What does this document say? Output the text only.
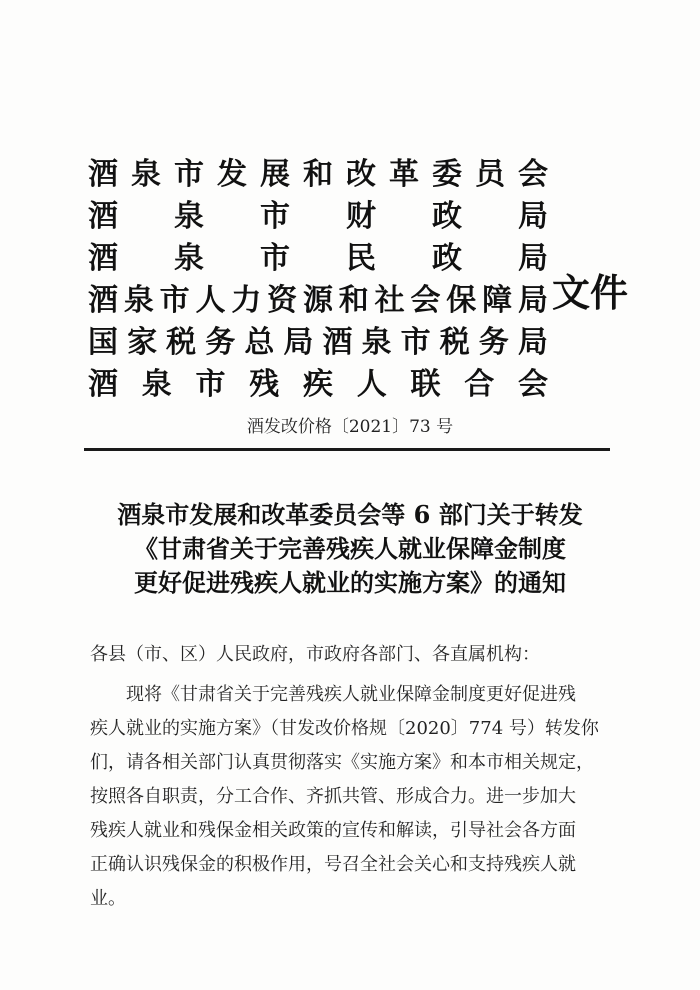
酒 泉 市 发 展 和 改 革 委 员 会
酒 泉 市 财 政 局
酒 泉 市 民 政 局
酒 泉 市 人 力 资 源 和 社 会 保 障 局
国 家 税 务 总 局 酒 泉 市 税 务 局
酒 泉 市 残 疾 人 联 合 会
文件
酒发改价格〔2021〕73 号
酒泉市发展和改革委员会等 6 部门关于转发
《甘肃省关于完善残疾人就业保障金制度
更好促进残疾人就业的实施方案》的通知
各县（市、区）人民政府，市政府各部门、各直属机构：
现将《甘肃省关于完善残疾人就业保障金制度更好促进残
疾人就业的实施方案》（甘发改价格规〔2020〕774 号）转发你
们，请各相关部门认真贯彻落实《实施方案》和本市相关规定，
按照各自职责，分工合作、齐抓共管、形成合力。进一步加大
残疾人就业和残保金相关政策的宣传和解读，引导社会各方面
正确认识残保金的积极作用，号召全社会关心和支持残疾人就
业。
